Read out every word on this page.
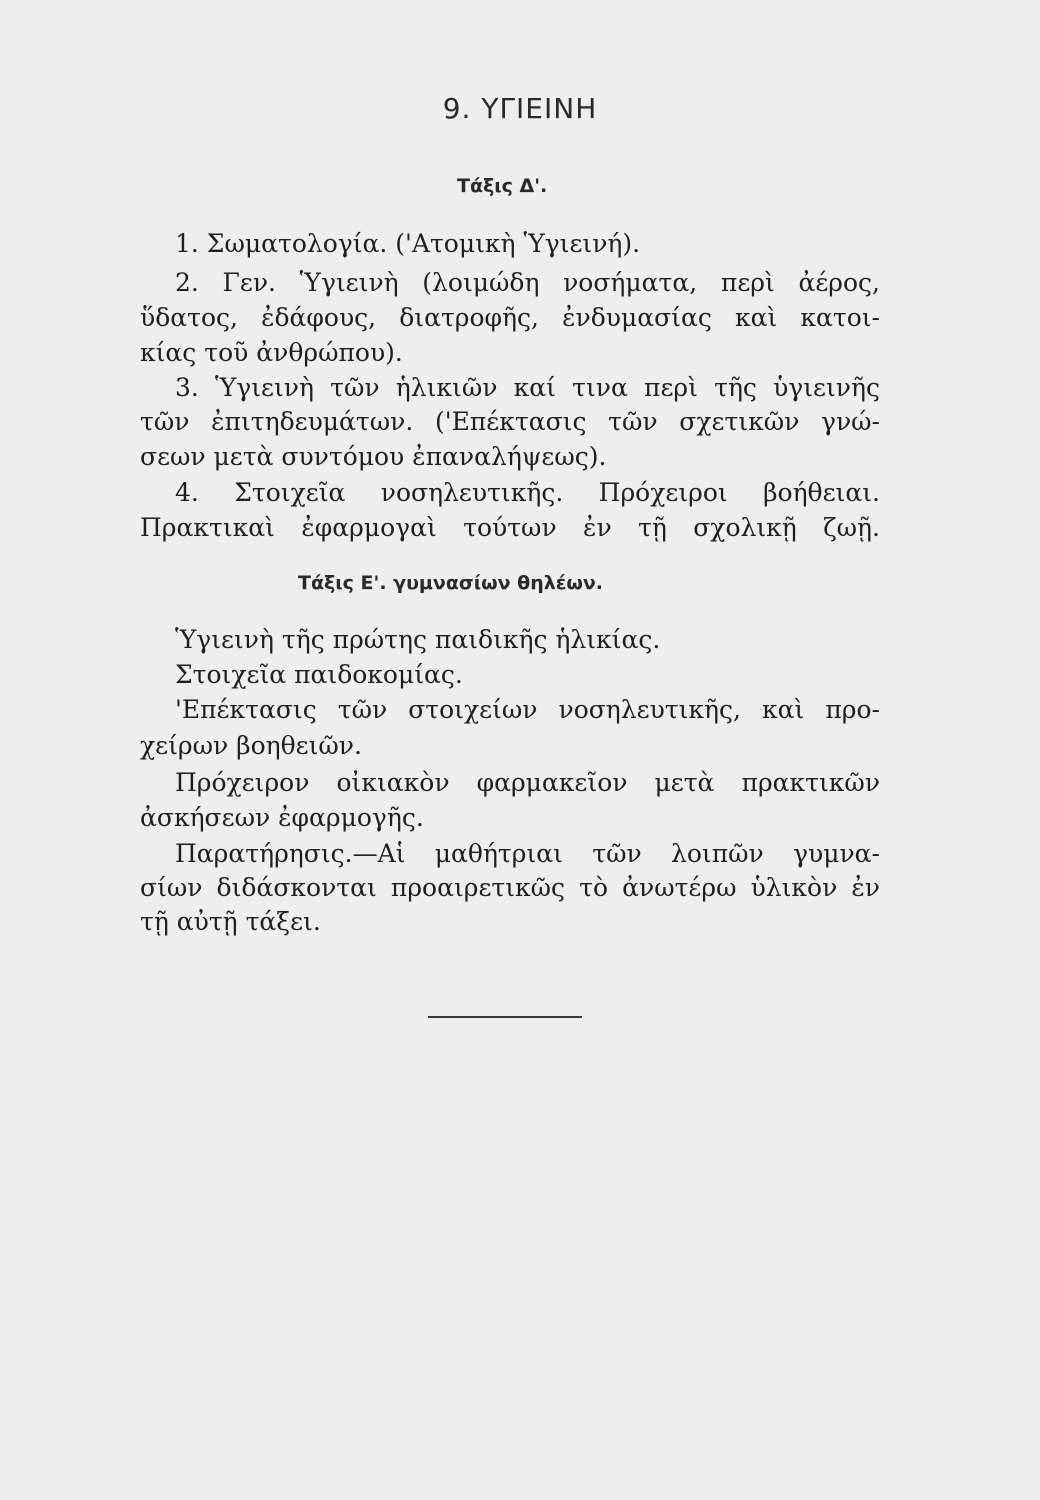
9. ΥΓΙΕΙΝΗ
Τάξις Δ'.
1. Σωματολογία. ('Ατομικὴ Ὑγιεινή).
2. Γεν. Ὑγιεινὴ (λοιμώδη νοσήματα, περὶ ἀέρος,
ὕδατος, ἐδάφους, διατροφῆς, ἐνδυμασίας καὶ κατοι-
κίας τοῦ ἀνθρώπου).
3. Ὑγιεινὴ τῶν ἡλικιῶν καί τινα περὶ τῆς ὑγιεινῆς
τῶν ἐπιτηδευμάτων. ('Επέκτασις τῶν σχετικῶν γνώ-
σεων μετὰ συντόμου ἐπαναλήψεως).
4. Στοιχεῖα νοσηλευτικῆς. Πρόχειροι βοήθειαι.
Πρακτικαὶ ἐφαρμογαὶ τούτων ἐν τῇ σχολικῇ ζωῇ.
Τάξις Ε'. γυμνασίων θηλέων.
Ὑγιεινὴ τῆς πρώτης παιδικῆς ἡλικίας.
Στοιχεῖα παιδοκομίας.
'Επέκτασις τῶν στοιχείων νοσηλευτικῆς, καὶ προ-
χείρων βοηθειῶν.
Πρόχειρον οἰκιακὸν φαρμακεῖον μετὰ πρακτικῶν
ἀσκήσεων ἐφαρμογῆς.
Παρατήρησις.—Αἱ μαθήτριαι τῶν λοιπῶν γυμνα-
σίων διδάσκονται προαιρετικῶς τὸ ἀνωτέρω ὑλικὸν ἐν
τῇ αὐτῇ τάξει.
